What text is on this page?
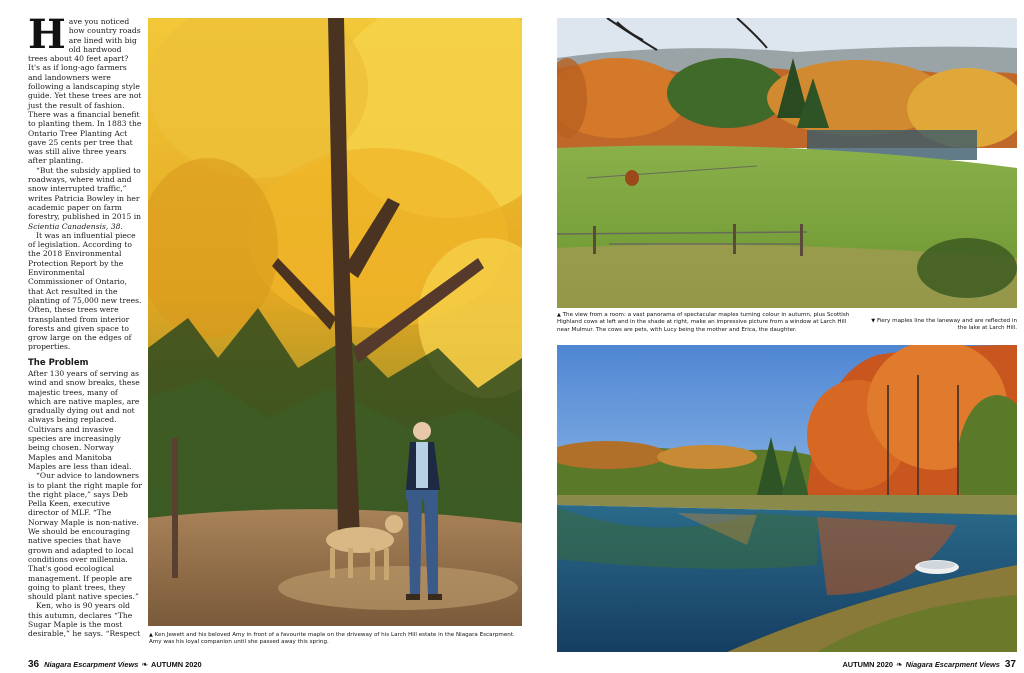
Have you noticed how country roads are lined with big old hardwood trees about 40 feet apart? It's as if long-ago farmers and landowners were following a landscaping style guide. Yet these trees are not just the result of fashion. There was a financial benefit to planting them. In 1883 the Ontario Tree Planting Act gave 25 cents per tree that was still alive three years after planting.

“But the subsidy applied to roadways, where wind and snow interrupted traffic,” writes Patricia Bowley in her academic paper on farm forestry, published in 2015 in Scientia Canadensis, 38.

It was an influential piece of legislation. According to the 2018 Environmental Protection Report by the Environmental Commissioner of Ontario, that Act resulted in the planting of 75,000 new trees. Often, these trees were transplanted from interior forests and given space to grow large on the edges of properties.

The Problem

After 130 years of serving as wind and snow breaks, these majestic trees, many of which are native maples, are gradually dying out and not always being replaced. Cultivars and invasive species are increasingly being chosen. Norway Maples and Manitoba Maples are less than ideal.

“Our advice to landowners is to plant the right maple for the right place,” says Deb Pella Keen, executive director of MLF. “The Norway Maple is non-native. We should be encouraging native species that have grown and adapted to local conditions over millennia. That's good ecological management. If people are going to plant trees, they should plant native species.”

Ken, who is 90 years old this autumn, declares “The Sugar Maple is the most desirable,” he says. “Respect	▲ Ken Jewett and his beloved Amy in front of a favourite maple on the driveway of his Larch Hill estate in the Niagara Escarpment. Amy was his loyal companion until she passed away this spring.
▲ The view from a room: a vast panorama of spectacular maples turning colour in autumn, plus Scottish Highland cows at left and in the shade at right, make an impressive picture from a window at Larch Hill near Mulmur. The cows are pets, with Lucy being the mother and Erica, the daughter.
▼ Fiery maples line the laneway and are reflected in the lake at Larch Hill.
36 Niagara Escarpment Views ❧ AUTUMN 2020	AUTUMN 2020 ❧ Niagara Escarpment Views 37
